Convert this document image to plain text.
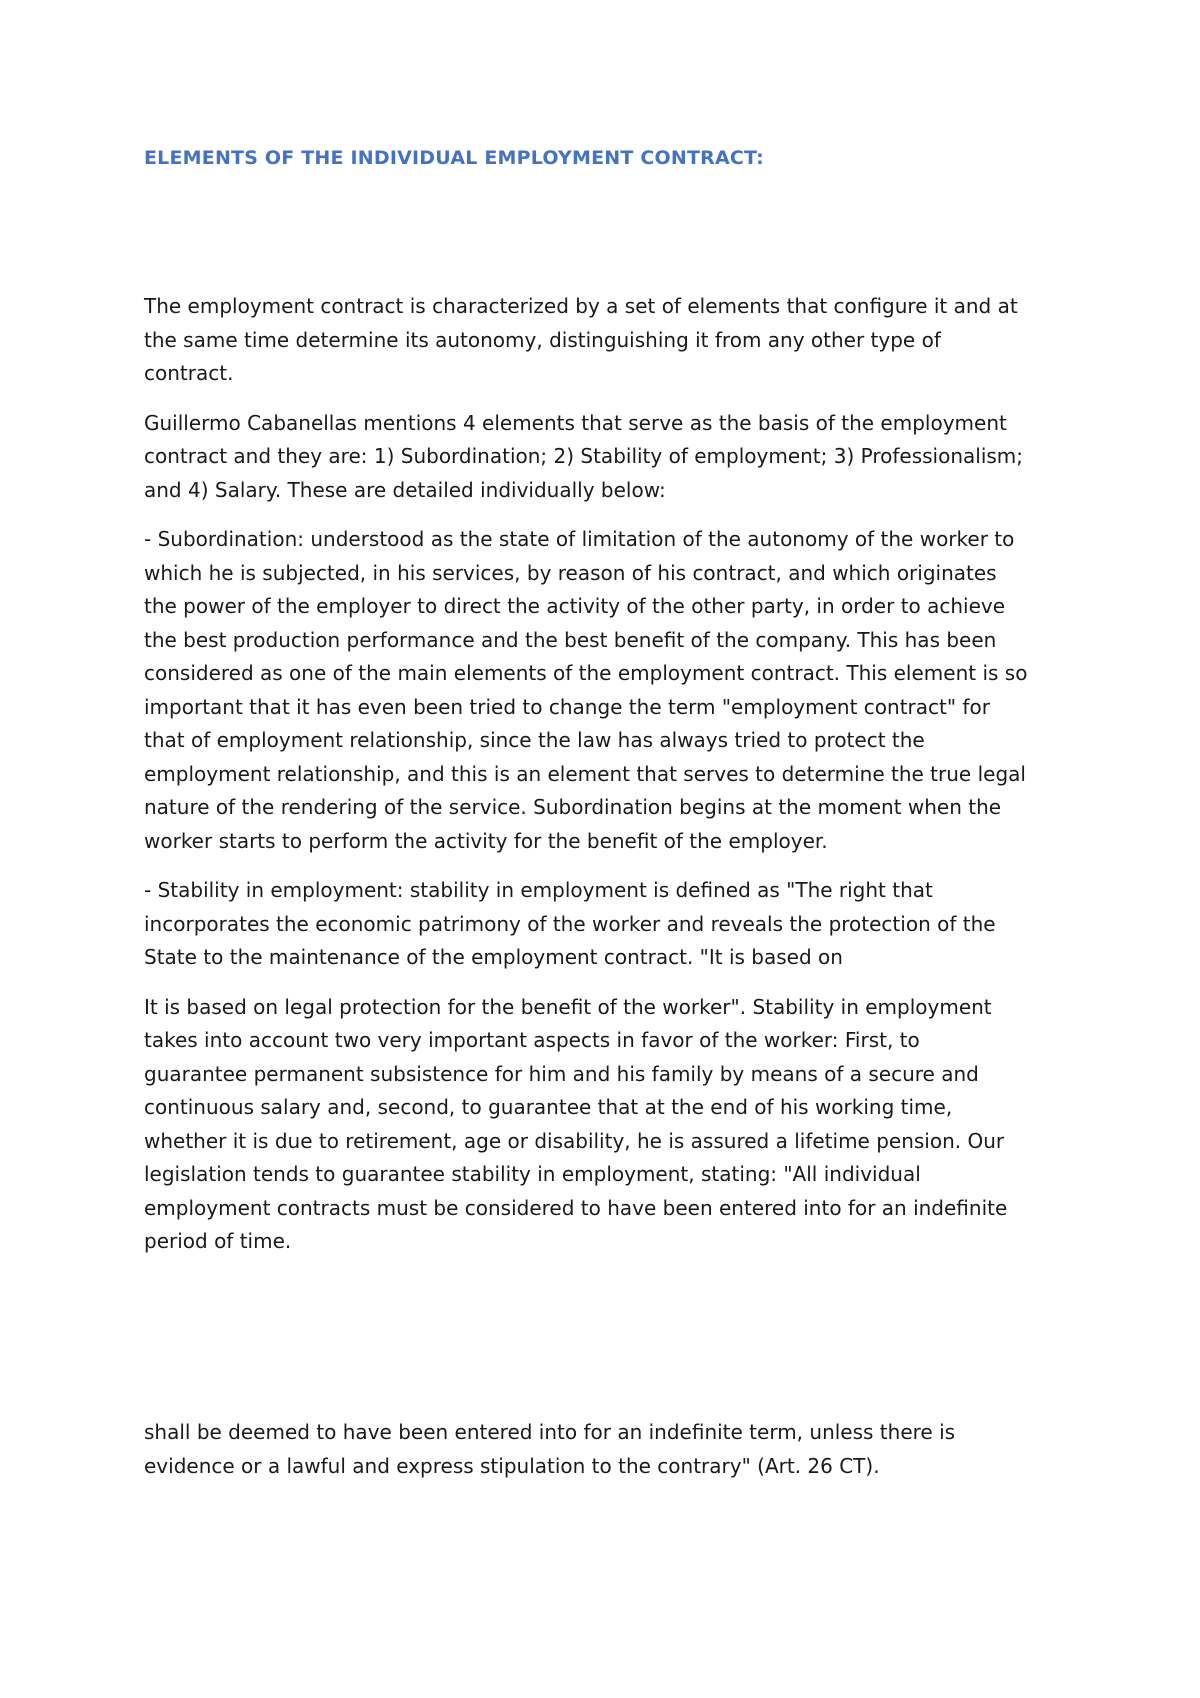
ELEMENTS OF THE INDIVIDUAL EMPLOYMENT CONTRACT:

The employment contract is characterized by a set of elements that configure it and at
the same time determine its autonomy, distinguishing it from any other type of
contract.

Guillermo Cabanellas mentions 4 elements that serve as the basis of the employment
contract and they are: 1) Subordination; 2) Stability of employment; 3) Professionalism;
and 4) Salary. These are detailed individually below:

- Subordination: understood as the state of limitation of the autonomy of the worker to
which he is subjected, in his services, by reason of his contract, and which originates
the power of the employer to direct the activity of the other party, in order to achieve
the best production performance and the best benefit of the company. This has been
considered as one of the main elements of the employment contract. This element is so
important that it has even been tried to change the term "employment contract" for
that of employment relationship, since the law has always tried to protect the
employment relationship, and this is an element that serves to determine the true legal
nature of the rendering of the service. Subordination begins at the moment when the
worker starts to perform the activity for the benefit of the employer.

- Stability in employment: stability in employment is defined as "The right that
incorporates the economic patrimony of the worker and reveals the protection of the
State to the maintenance of the employment contract. "It is based on

It is based on legal protection for the benefit of the worker". Stability in employment
takes into account two very important aspects in favor of the worker: First, to
guarantee permanent subsistence for him and his family by means of a secure and
continuous salary and, second, to guarantee that at the end of his working time,
whether it is due to retirement, age or disability, he is assured a lifetime pension. Our
legislation tends to guarantee stability in employment, stating: "All individual
employment contracts must be considered to have been entered into for an indefinite
period of time.

shall be deemed to have been entered into for an indefinite term, unless there is
evidence or a lawful and express stipulation to the contrary" (Art. 26 CT).
